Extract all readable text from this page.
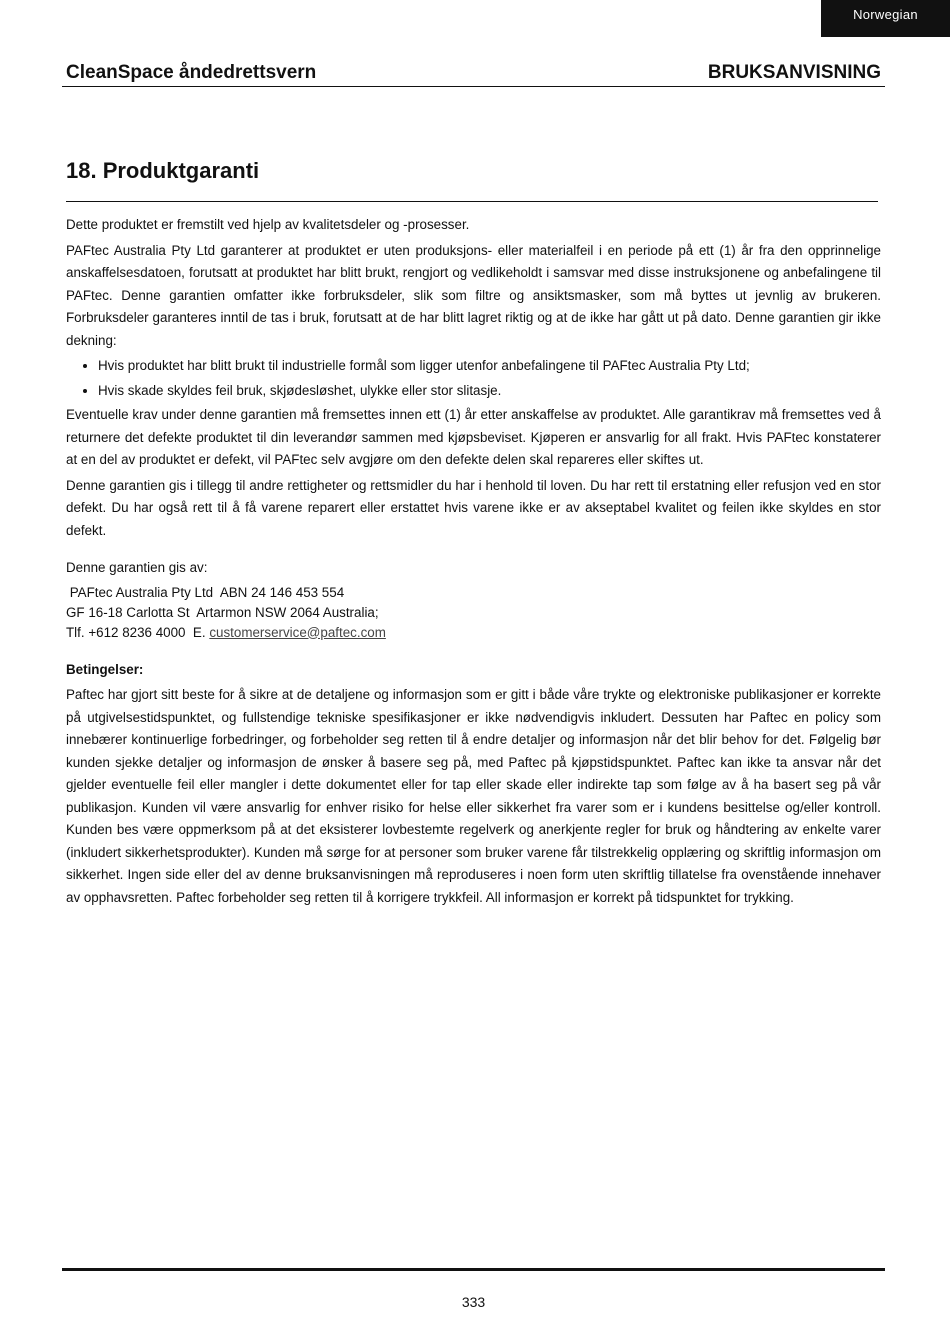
Norwegian
CleanSpace åndedrettsvern	BRUKSANVISNING
18. Produktgaranti

Dette produktet er fremstilt ved hjelp av kvalitetsdeler og -prosesser.

PAFtec Australia Pty Ltd garanterer at produktet er uten produksjons- eller materialfeil i en periode på ett (1) år fra den opprinnelige anskaffelsesdatoen, forutsatt at produktet har blitt brukt, rengjort og vedlikeholdt i samsvar med disse instruksjonene og anbefalingene til PAFtec. Denne garantien omfatter ikke forbruksdeler, slik som filtre og ansiktsmasker, som må byttes ut jevnlig av brukeren. Forbruksdeler garanteres inntil de tas i bruk, forutsatt at de har blitt lagret riktig og at de ikke har gått ut på dato. Denne garantien gir ikke dekning:

• Hvis produktet har blitt brukt til industrielle formål som ligger utenfor anbefalingene til PAFtec Australia Pty Ltd;
• Hvis skade skyldes feil bruk, skjødesløshet, ulykke eller stor slitasje.

Eventuelle krav under denne garantien må fremsettes innen ett (1) år etter anskaffelse av produktet. Alle garantikrav må fremsettes ved å returnere det defekte produktet til din leverandør sammen med kjøpsbeviset. Kjøperen er ansvarlig for all frakt. Hvis PAFtec konstaterer at en del av produktet er defekt, vil PAFtec selv avgjøre om den defekte delen skal repareres eller skiftes ut.

Denne garantien gis i tillegg til andre rettigheter og rettsmidler du har i henhold til loven. Du har rett til erstatning eller refusjon ved en stor defekt. Du har også rett til å få varene reparert eller erstattet hvis varene ikke er av akseptabel kvalitet og feilen ikke skyldes en stor defekt.

Denne garantien gis av:

PAFtec Australia Pty Ltd  ABN 24 146 453 554
GF 16-18 Carlotta St  Artarmon NSW 2064 Australia;
Tlf. +612 8236 4000  E. customerservice@paftec.com

Betingelser:

Paftec har gjort sitt beste for å sikre at de detaljene og informasjon som er gitt i både våre trykte og elektroniske publikasjoner er korrekte på utgivelsestidspunktet, og fullstendige tekniske spesifikasjoner er ikke nødvendigvis inkludert. Dessuten har Paftec en policy som innebærer kontinuerlige forbedringer, og forbeholder seg retten til å endre detaljer og informasjon når det blir behov for det. Følgelig bør kunden sjekke detaljer og informasjon de ønsker å basere seg på, med Paftec på kjøpstidspunktet. Paftec kan ikke ta ansvar når det gjelder eventuelle feil eller mangler i dette dokumentet eller for tap eller skade eller indirekte tap som følge av å ha basert seg på vår publikasjon. Kunden vil være ansvarlig for enhver risiko for helse eller sikkerhet fra varer som er i kundens besittelse og/eller kontroll. Kunden bes være oppmerksom på at det eksisterer lovbestemte regelverk og anerkjente regler for bruk og håndtering av enkelte varer (inkludert sikkerhetsprodukter). Kunden må sørge for at personer som bruker varene får tilstrekkelig opplæring og skriftlig informasjon om sikkerhet. Ingen side eller del av denne bruksanvisningen må reproduseres i noen form uten skriftlig tillatelse fra ovenstående innehaver av opphavsretten. Paftec forbeholder seg retten til å korrigere trykkfeil. All informasjon er korrekt på tidspunktet for trykking.

333
